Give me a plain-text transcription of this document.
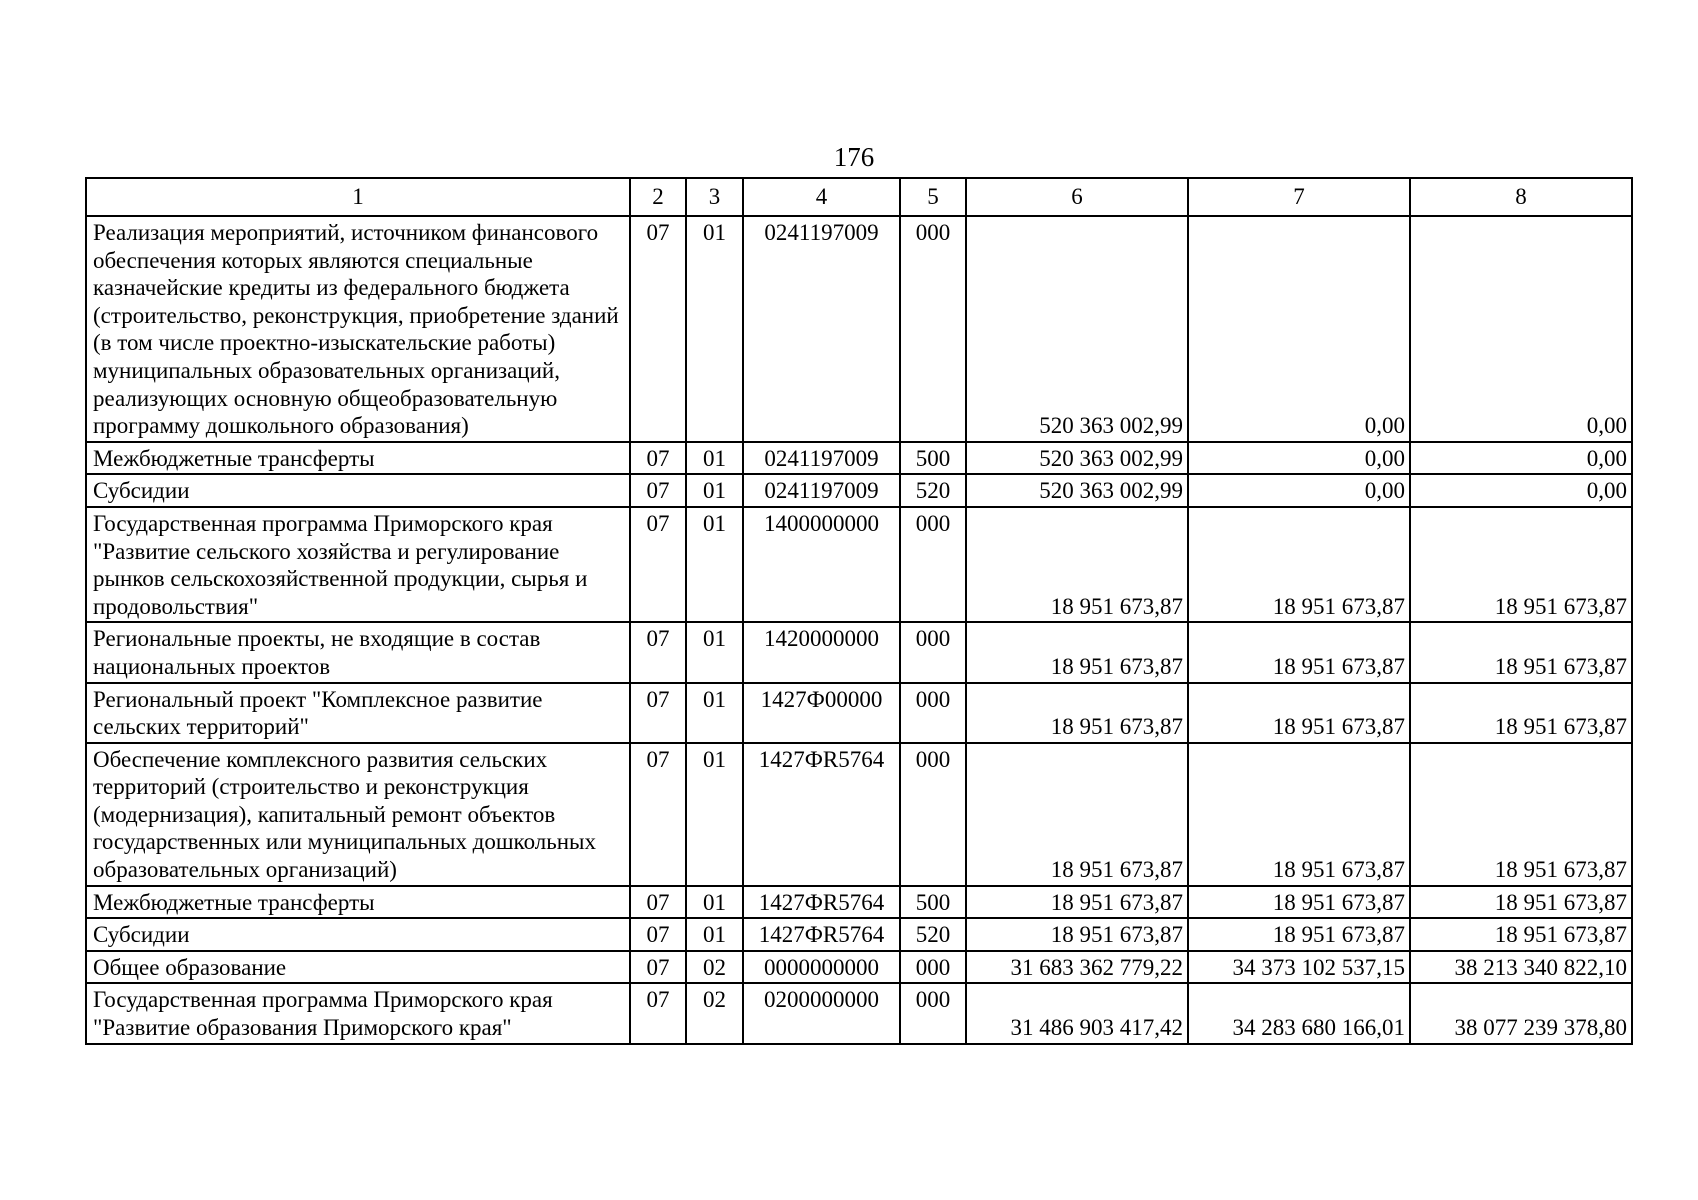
176
1	2	3	4	5	6	7	8
Реализация мероприятий, источником финансового обеспечения которых являются специальные казначейские кредиты из федерального бюджета (строительство, реконструкция, приобретение зданий (в том числе проектно-изыскательские работы) муниципальных образовательных организаций, реализующих основную общеобразовательную программу дошкольного образования)	07	01	0241197009	000	520 363 002,99	0,00	0,00
Межбюджетные трансферты	07	01	0241197009	500	520 363 002,99	0,00	0,00
Субсидии	07	01	0241197009	520	520 363 002,99	0,00	0,00
Государственная программа Приморского края "Развитие сельского хозяйства и регулирование рынков сельскохозяйственной продукции, сырья и продовольствия"	07	01	1400000000	000	18 951 673,87	18 951 673,87	18 951 673,87
Региональные проекты, не входящие в состав национальных проектов	07	01	1420000000	000	18 951 673,87	18 951 673,87	18 951 673,87
Региональный проект "Комплексное развитие сельских территорий"	07	01	1427Ф00000	000	18 951 673,87	18 951 673,87	18 951 673,87
Обеспечение комплексного развития сельских территорий (строительство и реконструкция (модернизация), капитальный ремонт объектов государственных или муниципальных дошкольных образовательных организаций)	07	01	1427ФR5764	000	18 951 673,87	18 951 673,87	18 951 673,87
Межбюджетные трансферты	07	01	1427ФR5764	500	18 951 673,87	18 951 673,87	18 951 673,87
Субсидии	07	01	1427ФR5764	520	18 951 673,87	18 951 673,87	18 951 673,87
Общее образование	07	02	0000000000	000	31 683 362 779,22	34 373 102 537,15	38 213 340 822,10
Государственная программа Приморского края "Развитие образования Приморского края"	07	02	0200000000	000	31 486 903 417,42	34 283 680 166,01	38 077 239 378,80
